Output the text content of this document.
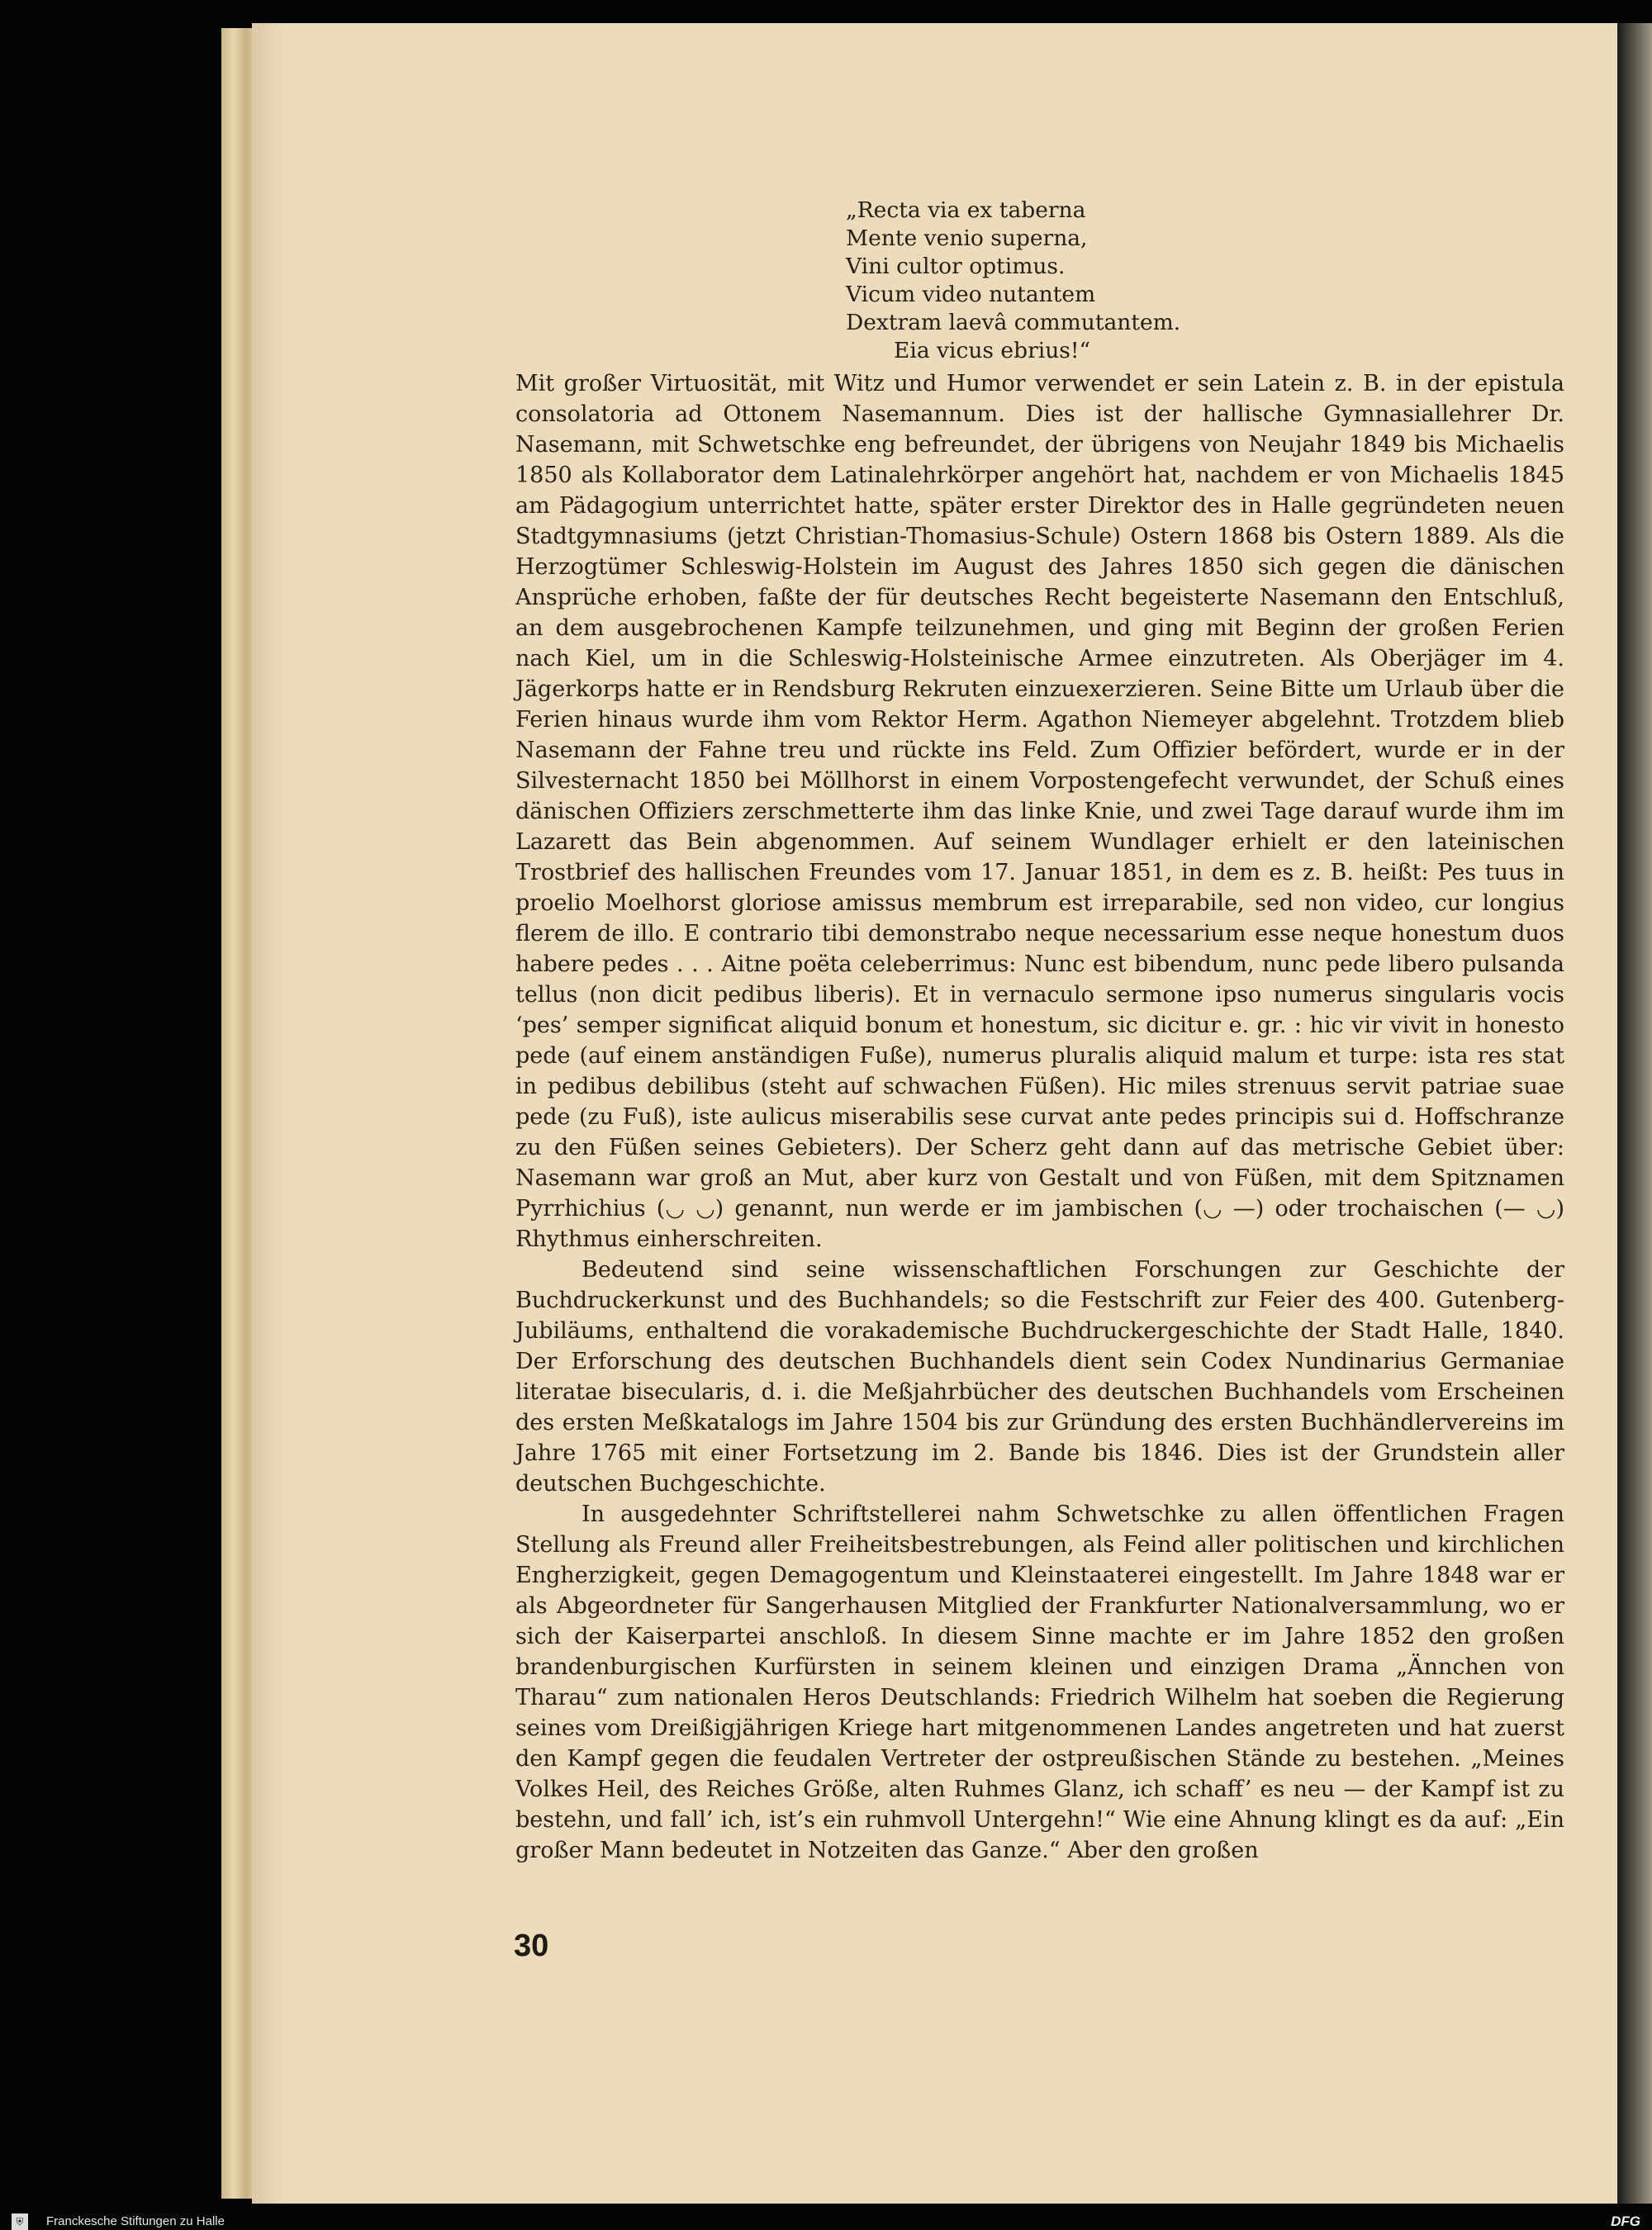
„Recta via ex taberna
Mente venio superna,
Vini cultor optimus.
Vicum video nutantem
Dextram laevâ commutantem.
Eia vicus ebrius!“

Mit großer Virtuosität, mit Witz und Humor verwendet er sein Latein z. B. in der epistula consolatoria ad Ottonem Nasemannum. Dies ist der hallische Gymnasiallehrer Dr. Nasemann, mit Schwetschke eng befreundet, der übrigens von Neujahr 1849 bis Michaelis 1850 als Kollaborator dem Latinalehrkörper angehört hat, nachdem er von Michaelis 1845 am Pädagogium unterrichtet hatte, später erster Direktor des in Halle gegründeten neuen Stadtgymnasiums (jetzt Christian-Thomasius-Schule) Ostern 1868 bis Ostern 1889. Als die Herzogtümer Schleswig-Holstein im August des Jahres 1850 sich gegen die dänischen Ansprüche erhoben, faßte der für deutsches Recht begeisterte Nasemann den Entschluß, an dem ausgebrochenen Kampfe teilzunehmen, und ging mit Beginn der großen Ferien nach Kiel, um in die Schleswig-Holsteinische Armee einzutreten. Als Oberjäger im 4. Jägerkorps hatte er in Rendsburg Rekruten einzuexerzieren. Seine Bitte um Urlaub über die Ferien hinaus wurde ihm vom Rektor Herm. Agathon Niemeyer abgelehnt. Trotzdem blieb Nasemann der Fahne treu und rückte ins Feld. Zum Offizier befördert, wurde er in der Silvesternacht 1850 bei Möllhorst in einem Vorpostengefecht verwundet, der Schuß eines dänischen Offiziers zerschmetterte ihm das linke Knie, und zwei Tage darauf wurde ihm im Lazarett das Bein abgenommen. Auf seinem Wundlager erhielt er den lateinischen Trostbrief des hallischen Freundes vom 17. Januar 1851, in dem es z. B. heißt: Pes tuus in proelio Moelhorst gloriose amissus membrum est irreparabile, sed non video, cur longius flerem de illo. E contrario tibi demonstrabo neque necessarium esse neque honestum duos habere pedes . . . Aitne poëta celeberrimus: Nunc est bibendum, nunc pede libero pulsanda tellus (non dicit pedibus liberis). Et in vernaculo sermone ipso numerus singularis vocis ‘pes’ semper significat aliquid bonum et honestum, sic dicitur e. gr. : hic vir vivit in honesto pede (auf einem anständigen Fuße), numerus pluralis aliquid malum et turpe: ista res stat in pedibus debilibus (steht auf schwachen Füßen). Hic miles strenuus servit patriae suae pede (zu Fuß), iste aulicus miserabilis sese curvat ante pedes principis sui d. Hoffschranze zu den Füßen seines Gebieters). Der Scherz geht dann auf das metrische Gebiet über: Nasemann war groß an Mut, aber kurz von Gestalt und von Füßen, mit dem Spitznamen Pyrrhichius (◡ ◡) genannt, nun werde er im jambischen (◡ —) oder trochaischen (— ◡) Rhythmus einherschreiten.

Bedeutend sind seine wissenschaftlichen Forschungen zur Geschichte der Buchdruckerkunst und des Buchhandels; so die Festschrift zur Feier des 400. Gutenberg-Jubiläums, enthaltend die vorakademische Buchdruckergeschichte der Stadt Halle, 1840. Der Erforschung des deutschen Buchhandels dient sein Codex Nundinarius Germaniae literatae bisecularis, d. i. die Meßjahrbücher des deutschen Buchhandels vom Erscheinen des ersten Meßkatalogs im Jahre 1504 bis zur Gründung des ersten Buchhändlervereins im Jahre 1765 mit einer Fortsetzung im 2. Bande bis 1846. Dies ist der Grundstein aller deutschen Buchgeschichte.

In ausgedehnter Schriftstellerei nahm Schwetschke zu allen öffentlichen Fragen Stellung als Freund aller Freiheitsbestrebungen, als Feind aller politischen und kirchlichen Engherzigkeit, gegen Demagogentum und Kleinstaaterei eingestellt. Im Jahre 1848 war er als Abgeordneter für Sangerhausen Mitglied der Frankfurter Nationalversammlung, wo er sich der Kaiserpartei anschloß. In diesem Sinne machte er im Jahre 1852 den großen brandenburgischen Kurfürsten in seinem kleinen und einzigen Drama „Ännchen von Tharau“ zum nationalen Heros Deutschlands: Friedrich Wilhelm hat soeben die Regierung seines vom Dreißigjährigen Kriege hart mitgenommenen Landes angetreten und hat zuerst den Kampf gegen die feudalen Vertreter der ostpreußischen Stände zu bestehen. „Meines Volkes Heil, des Reiches Größe, alten Ruhmes Glanz, ich schaff’ es neu — der Kampf ist zu bestehn, und fall’ ich, ist’s ein ruhmvoll Untergehn!“ Wie eine Ahnung klingt es da auf: „Ein großer Mann bedeutet in Notzeiten das Ganze.“ Aber den großen

30
⛨	Franckesche Stiftungen zu Halle	DFG
